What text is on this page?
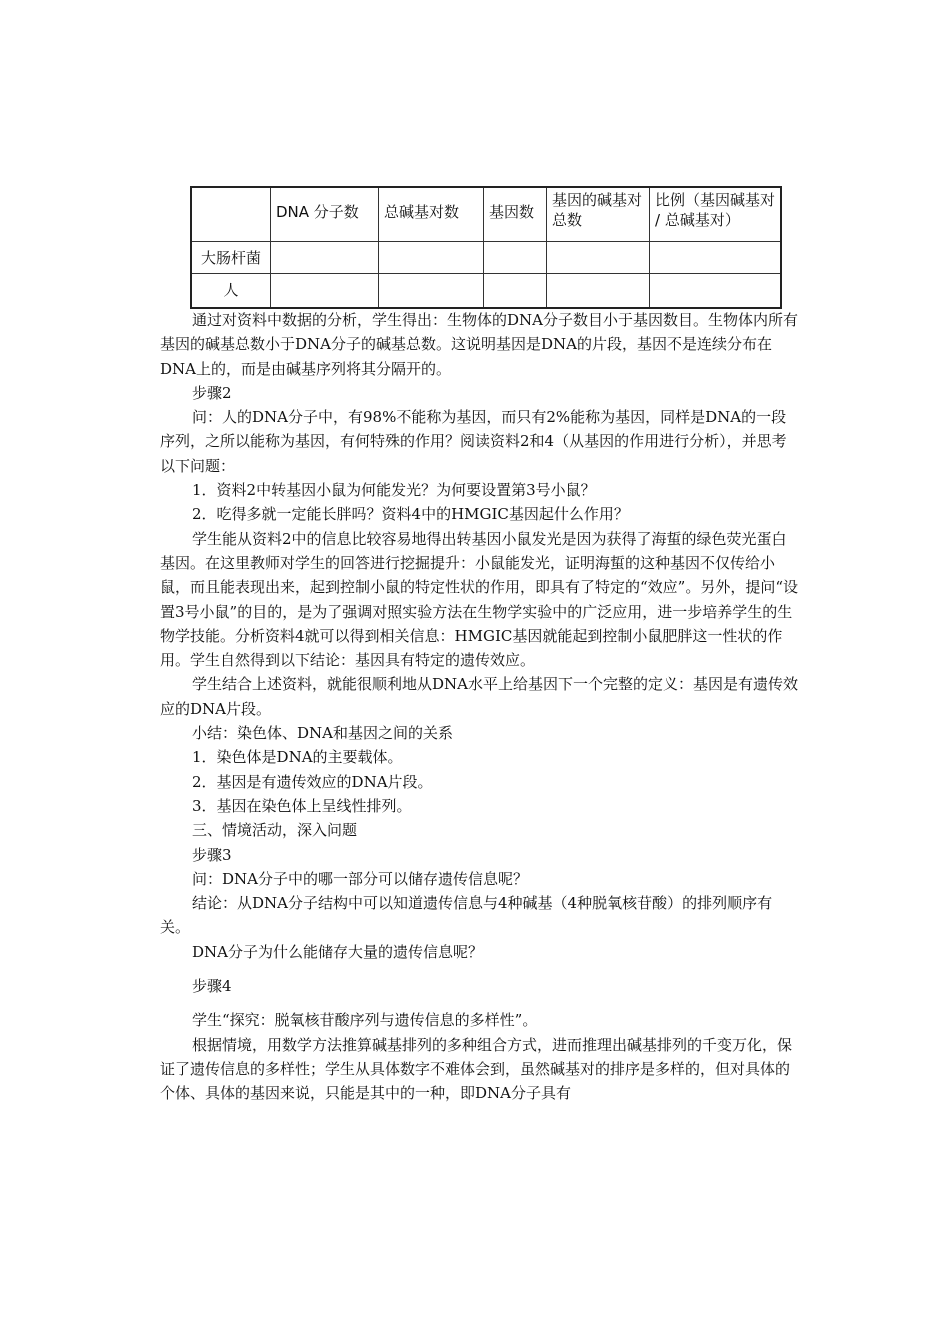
	DNA 分子数	总碱基对数	基因数	基因的碱基对总数	比例（基因碱基对 / 总碱基对）
大肠杆菌					
人					

通过对资料中数据的分析，学生得出：生物体的DNA分子数目小于基因数目。生物体内所有基因的碱基总数小于DNA分子的碱基总数。这说明基因是DNA的片段，基因不是连续分布在DNA上的，而是由碱基序列将其分隔开的。

步骤2

问：人的DNA分子中，有98%不能称为基因，而只有2%能称为基因，同样是DNA的一段序列，之所以能称为基因，有何特殊的作用？阅读资料2和4（从基因的作用进行分析），并思考以下问题：

1．资料2中转基因小鼠为何能发光？为何要设置第3号小鼠？

2．吃得多就一定能长胖吗？资料4中的HMGIC基因起什么作用？

学生能从资料2中的信息比较容易地得出转基因小鼠发光是因为获得了海蜇的绿色荧光蛋白基因。在这里教师对学生的回答进行挖掘提升：小鼠能发光，证明海蜇的这种基因不仅传给小鼠，而且能表现出来，起到控制小鼠的特定性状的作用，即具有了特定的“效应”。另外，提问“设置3号小鼠”的目的，是为了强调对照实验方法在生物学实验中的广泛应用，进一步培养学生的生物学技能。分析资料4就可以得到相关信息：HMGIC基因就能起到控制小鼠肥胖这一性状的作用。学生自然得到以下结论：基因具有特定的遗传效应。

学生结合上述资料，就能很顺利地从DNA水平上给基因下一个完整的定义：基因是有遗传效应的DNA片段。

小结：染色体、DNA和基因之间的关系

1．染色体是DNA的主要载体。

2．基因是有遗传效应的DNA片段。

3．基因在染色体上呈线性排列。

三、情境活动，深入问题

步骤3

问：DNA分子中的哪一部分可以储存遗传信息呢？

结论：从DNA分子结构中可以知道遗传信息与4种碱基（4种脱氧核苷酸）的排列顺序有关。

DNA分子为什么能储存大量的遗传信息呢？

步骤4

学生“探究：脱氧核苷酸序列与遗传信息的多样性”。

根据情境，用数学方法推算碱基排列的多种组合方式，进而推理出碱基排列的千变万化，保证了遗传信息的多样性；学生从具体数字不难体会到，虽然碱基对的排序是多样的，但对具体的个体、具体的基因来说，只能是其中的一种，即DNA分子具有
